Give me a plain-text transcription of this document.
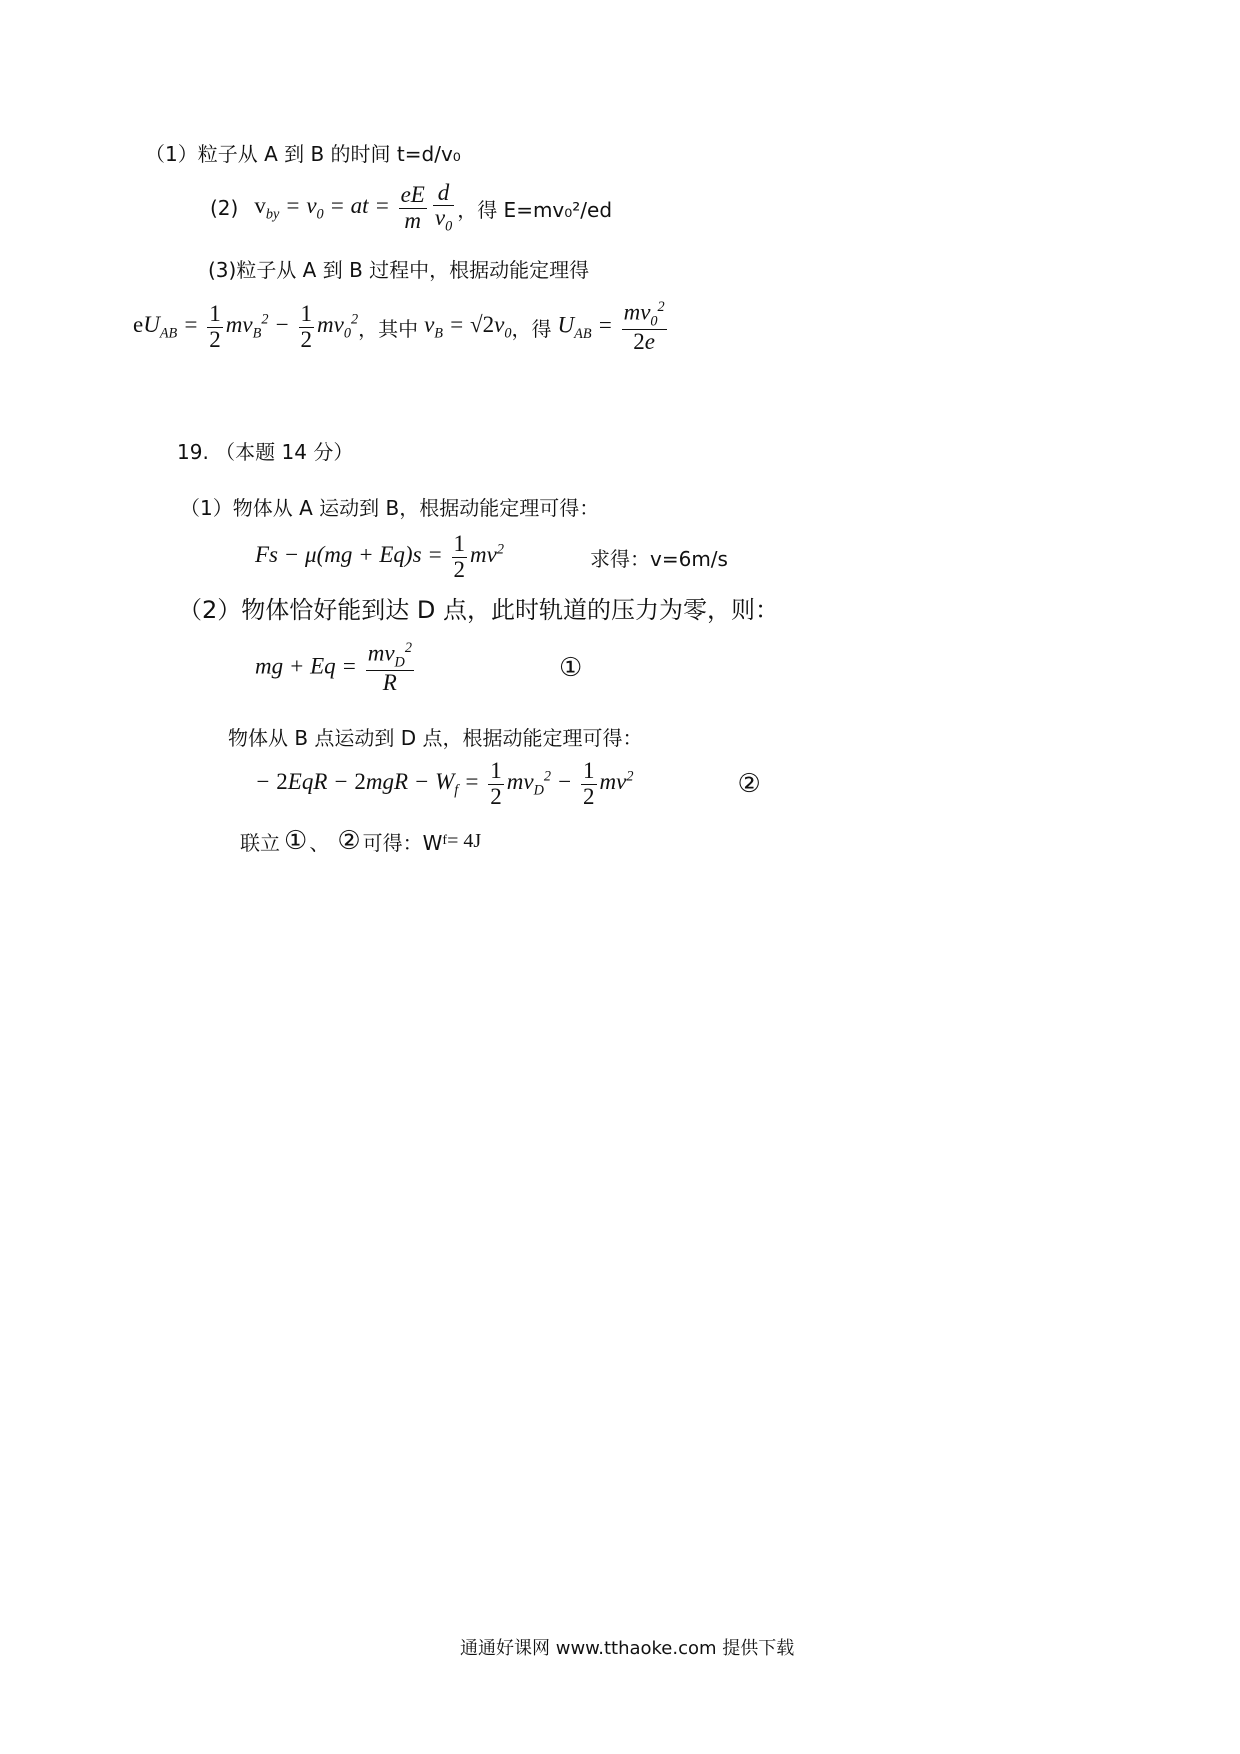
（1）粒子从 A 到 B 的时间 t=d/v₀
(2) $v_{by} = v_0$ = at = $\frac{eE}{m} \frac{d}{v_0}$ ，得 E=mv₀²/ed
(3)粒子从 A 到 B 过程中，根据动能定理得
$eU_{AB} = \frac{1}{2} mv_B^2 - \frac{1}{2} mv_0^2$ ，其中 $v_B = √2v_0$ ，得 $U_{AB} = \frac{mv_0^2}{2e}$
19. （本题 14 分）
（1）物体从 A 运动到 B，根据动能定理可得：
$Fs - \mu(mg + Eq)s = \frac{1}{2} mv^2$	求得：v=6m/s
（2）物体恰好能到达 D 点，此时轨道的压力为零，则：
mg + $Eq = \frac{mv_D^2}{R}$	①
物体从 B 点运动到 D 点，根据动能定理可得：
− $2EqR - 2mgR - W_f = \frac{1}{2} mv_D^2 - \frac{1}{2} mv^2$	②
联立 ① 、 ② 可得：W f = 4J
通通好课网 www.tthaoke.com 提供下载
